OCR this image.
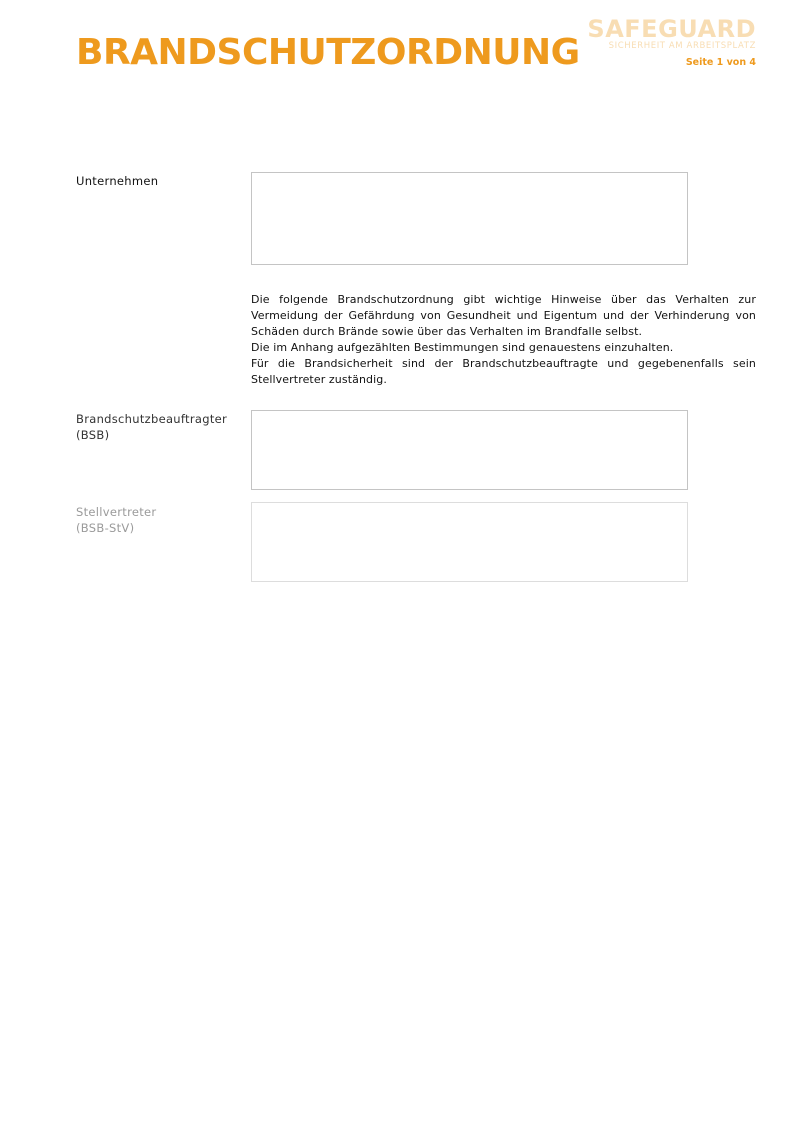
BRANDSCHUTZORDNUNG
SAFEGUARD
SICHERHEIT AM ARBEITSPLATZ
Seite 1 von 4
Unternehmen

Die folgende Brandschutzordnung gibt wichtige Hinweise über das Verhalten zur Vermeidung der Gefährdung von Gesundheit und Eigentum und der Verhinderung von Schäden durch Brände sowie über das Verhalten im Brandfalle selbst.

Die im Anhang aufgezählten Bestimmungen sind genauestens einzuhalten.

Für die Brandsicherheit sind der Brandschutzbeauftragte und gegebenenfalls sein Stellvertreter zuständig.

Brandschutzbeauftragter
(BSB)
Stellvertreter
(BSB-StV)
